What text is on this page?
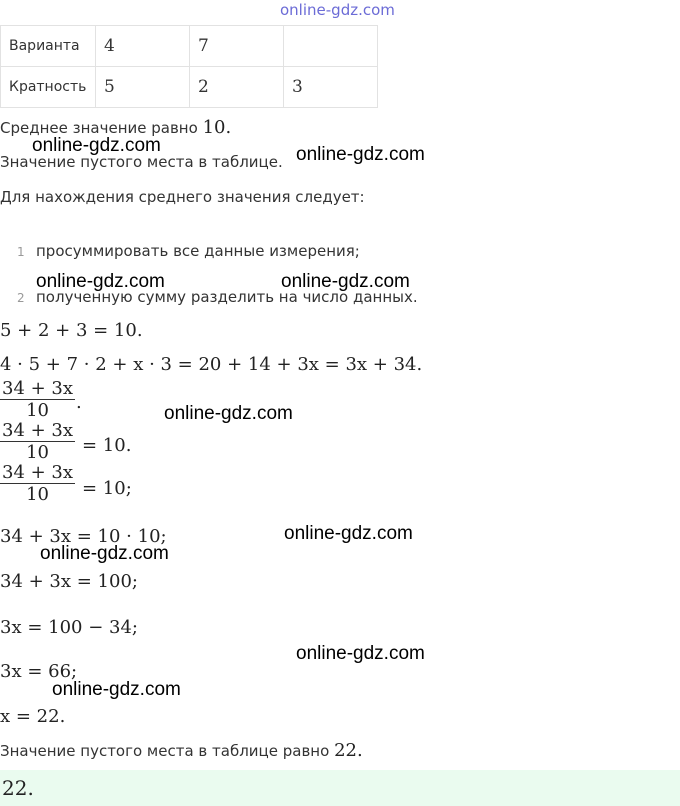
online-gdz.com
Варианта	4	7	
Кратность	5	2	3
Среднее значение равно 10.
Значение пустого места в таблице.
Для нахождения среднего значения следует:
1 просуммировать все данные измерения;
2 полученную сумму разделить на число данных.
5 + 2 + 3 = 10.
4 · 5 + 7 · 2 + x · 3 = 20 + 14 + 3x = 3x + 34.
34 + 3x
10	.
34 + 3x
10	= 10.
34 + 3x
10	= 10;
34 + 3x = 10 · 10;
34 + 3x = 100;
3x = 100 − 34;
3x = 66;
x = 22.
Значение пустого места в таблице равно 22.
22.
online-gdz.com	online-gdz.com
online-gdz.com	online-gdz.com
online-gdz.com
online-gdz.com
online-gdz.com
online-gdz.com
online-gdz.com
